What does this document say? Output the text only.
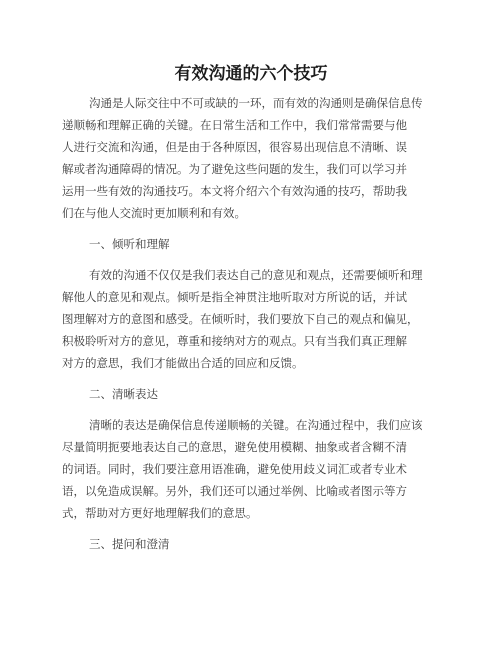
有效沟通的六个技巧
沟通是人际交往中不可或缺的一环，而有效的沟通则是确保信息传
递顺畅和理解正确的关键。在日常生活和工作中，我们常常需要与他
人进行交流和沟通，但是由于各种原因，很容易出现信息不清晰、误
解或者沟通障碍的情况。为了避免这些问题的发生，我们可以学习并
运用一些有效的沟通技巧。本文将介绍六个有效沟通的技巧，帮助我
们在与他人交流时更加顺利和有效。
一、倾听和理解
有效的沟通不仅仅是我们表达自己的意见和观点，还需要倾听和理
解他人的意见和观点。倾听是指全神贯注地听取对方所说的话，并试
图理解对方的意图和感受。在倾听时，我们要放下自己的观点和偏见，
积极聆听对方的意见，尊重和接纳对方的观点。只有当我们真正理解
对方的意思，我们才能做出合适的回应和反馈。
二、清晰表达
清晰的表达是确保信息传递顺畅的关键。在沟通过程中，我们应该
尽量简明扼要地表达自己的意思，避免使用模糊、抽象或者含糊不清
的词语。同时，我们要注意用语准确，避免使用歧义词汇或者专业术
语，以免造成误解。另外，我们还可以通过举例、比喻或者图示等方
式，帮助对方更好地理解我们的意思。
三、提问和澄清
